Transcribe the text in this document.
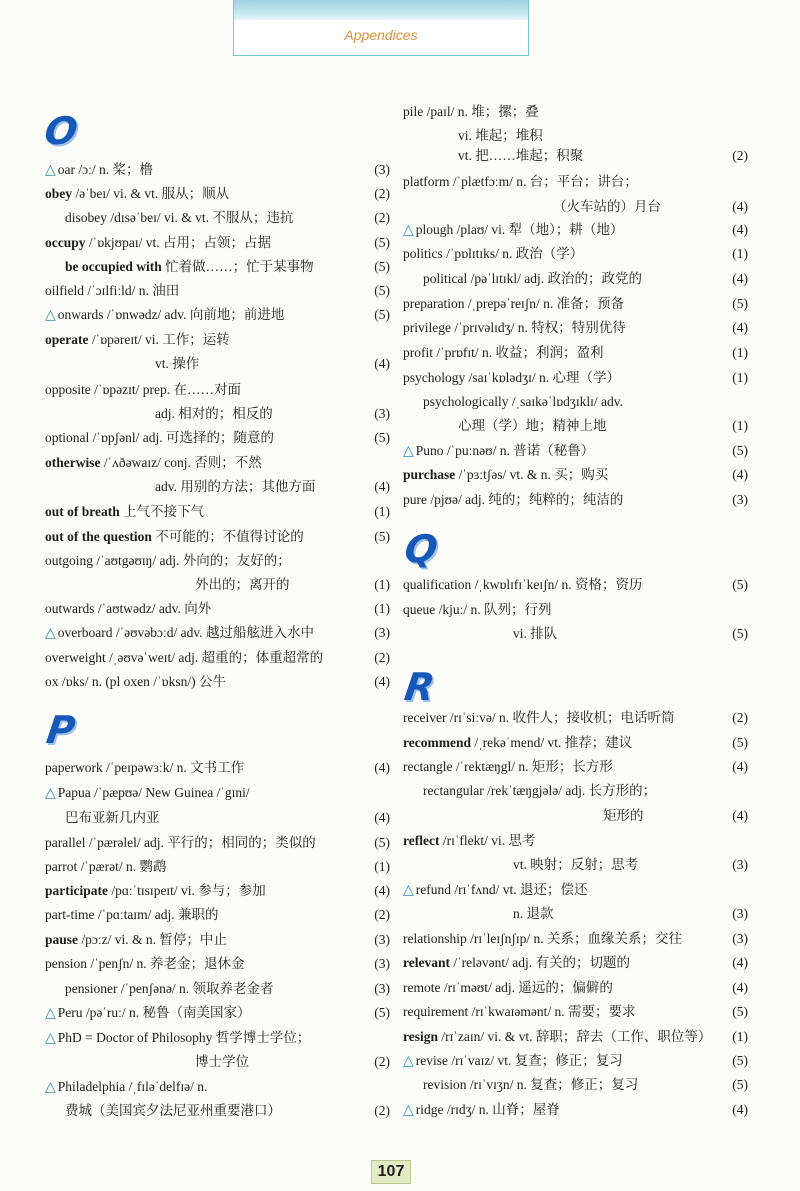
Appendices
O
P
△ oar /ɔː/ n. 桨；橹	(3)
obey /əˈbeɪ/ vi. & vt. 服从；顺从	(2)
disobey /dɪsəˈbeɪ/ vi. & vt. 不服从；违抗	(2)
occupy /ˈɒkjʊpaɪ/ vt. 占用；占领；占据	(5)
be occupied with 忙着做……；忙于某事物	(5)
oilfield /ˈɔɪlfiːld/ n. 油田	(5)
△ onwards /ˈɒnwədz/ adv. 向前地；前进地	(5)
operate /ˈɒpəreɪt/ vi. 工作；运转
vt. 操作	(4)
opposite /ˈɒpəzɪt/ prep. 在……对面
adj. 相对的；相反的	(3)
optional /ˈɒpʃənl/ adj. 可选择的；随意的	(5)
otherwise /ˈʌðəwaɪz/ conj. 否则；不然
adv. 用别的方法；其他方面	(4)
out of breath 上气不接下气	(1)
out of the question 不可能的；不值得讨论的	(5)
outgoing /ˈaʊtgəʊɪŋ/ adj. 外向的；友好的；
外出的；离开的	(1)
outwards /ˈaʊtwədz/ adv. 向外	(1)
△ overboard /ˈəʊvəbɔːd/ adv. 越过船舷进入水中	(3)
overweight /ˌəʊvəˈweɪt/ adj. 超重的；体重超常的	(2)
ox /ɒks/ n. (pl oxen /ˈɒksn/) 公牛	(4)
paperwork /ˈpeɪpəwɜːk/ n. 文书工作	(4)
△ Papua /ˈpæpʊə/ New Guinea /ˈgɪni/
巴布亚新几内亚	(4)
parallel /ˈpærəlel/ adj. 平行的；相同的；类似的	(5)
parrot /ˈpærət/ n. 鹦鹉	(1)
participate /pɑːˈtɪsɪpeɪt/ vi. 参与；参加	(4)
part-time /ˈpɑːtaɪm/ adj. 兼职的	(2)
pause /pɔːz/ vi. & n. 暂停；中止	(3)
pension /ˈpenʃn/ n. 养老金；退休金	(3)
pensioner /ˈpenʃənə/ n. 领取养老金者	(3)
△ Peru /pəˈruː/ n. 秘鲁（南美国家）	(5)
△ PhD = Doctor of Philosophy 哲学博士学位；
博士学位	(2)
△ Philadelphia /ˌfɪləˈdelfɪə/ n.
费城（美国宾夕法尼亚州重要港口）	(2)
Q
R
pile /paɪl/ n. 堆；摞；叠
vi. 堆起；堆积
vt. 把……堆起；积聚	(2)
platform /ˈplætfɔːm/ n. 台；平台；讲台；
（火车站的）月台	(4)
△ plough /plaʊ/ vi. 犁（地）；耕（地）	(4)
politics /ˈpɒlɪtɪks/ n. 政治（学）	(1)
political /pəˈlɪtɪkl/ adj. 政治的；政党的	(4)
preparation /ˌprepəˈreɪʃn/ n. 准备；预备	(5)
privilege /ˈprɪvəlɪdʒ/ n. 特权；特别优待	(4)
profit /ˈprɒfɪt/ n. 收益；利润；盈利	(1)
psychology /saɪˈkɒlədʒɪ/ n. 心理（学）	(1)
psychologically /ˌsaɪkəˈlɒdʒɪklɪ/ adv.
心理（学）地；精神上地	(1)
△ Puno /ˈpuːnəʊ/ n. 普诺（秘鲁）	(5)
purchase /ˈpɜːtʃəs/ vt. & n. 买；购买	(4)
pure /pjʊə/ adj. 纯的；纯粹的；纯洁的	(3)
qualification /ˌkwɒlɪfɪˈkeɪʃn/ n. 资格；资历	(5)
queue /kjuː/ n. 队列；行列
vi. 排队	(5)
receiver /rɪˈsiːvə/ n. 收件人；接收机；电话听筒	(2)
recommend /ˌrekəˈmend/ vt. 推荐；建议	(5)
rectangle /ˈrektæŋgl/ n. 矩形；长方形	(4)
rectangular /rekˈtæŋgjələ/ adj. 长方形的；
矩形的	(4)
reflect /rɪˈflekt/ vi. 思考
vt. 映射；反射；思考	(3)
△ refund /rɪˈfʌnd/ vt. 退还；偿还
n. 退款	(3)
relationship /rɪˈleɪʃnʃɪp/ n. 关系；血缘关系；交往	(3)
relevant /ˈreləvənt/ adj. 有关的；切题的	(4)
remote /rɪˈməʊt/ adj. 遥远的；偏僻的	(4)
requirement /rɪˈkwaɪəmənt/ n. 需要；要求	(5)
resign /rɪˈzaɪn/ vi. & vt. 辞职；辞去（工作、职位等） (1)
△ revise /rɪˈvaɪz/ vt. 复查；修正；复习	(5)
revision /rɪˈvɪʒn/ n. 复查；修正；复习	(5)
△ ridge /rɪdʒ/ n. 山脊；屋脊	(4)
107
